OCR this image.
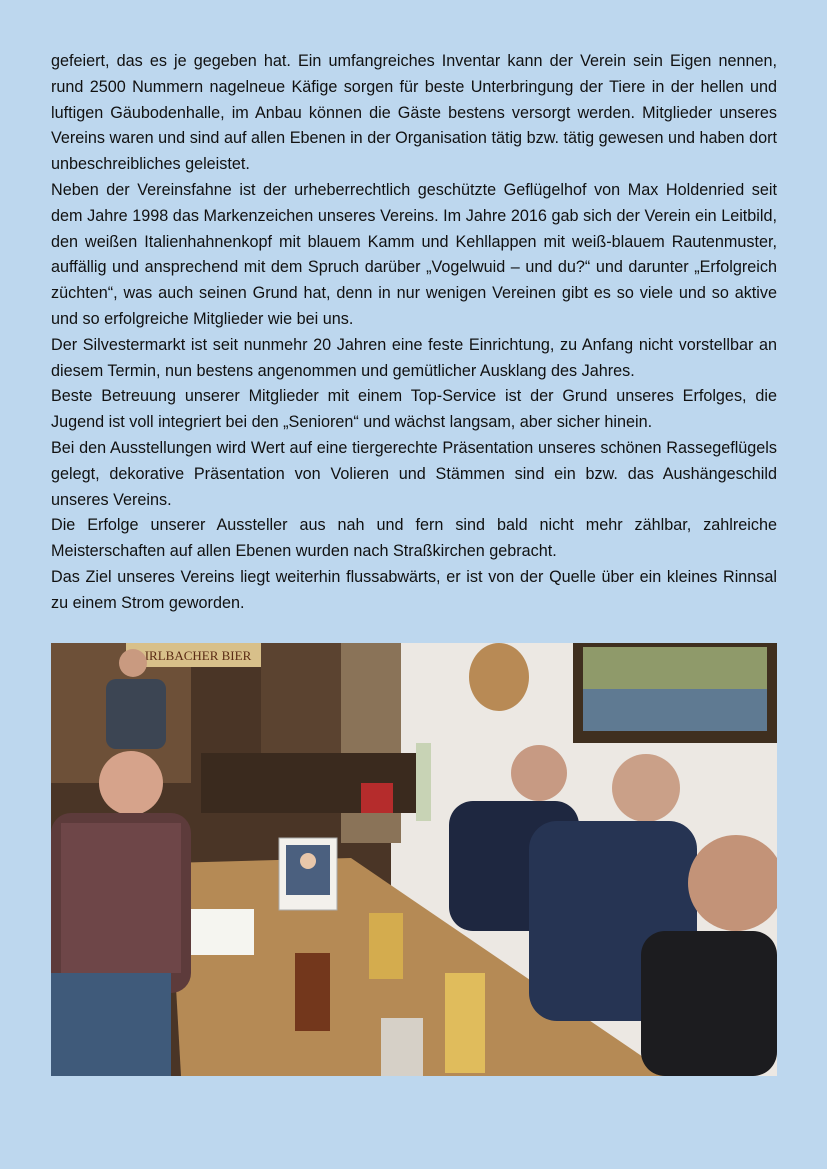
gefeiert, das es je gegeben hat. Ein umfangreiches Inventar kann der Verein sein Eigen nennen, rund 2500 Nummern nagelneue Käfige sorgen für beste Unterbringung der Tiere in der hellen und luftigen Gäubodenhalle, im Anbau können die Gäste bestens versorgt werden. Mitglieder unseres Vereins waren und sind auf allen Ebenen in der Organisation tätig bzw. tätig gewesen und haben dort unbeschreibliches geleistet.

Neben der Vereinsfahne ist der urheberrechtlich geschützte Geflügelhof von Max Holdenried seit dem Jahre 1998 das Markenzeichen unseres Vereins. Im Jahre 2016 gab sich der Verein ein Leitbild, den weißen Italienhahnenkopf mit blauem Kamm und Kehllappen mit weiß-blauem Rautenmuster, auffällig und ansprechend mit dem Spruch darüber „Vogelwuid – und du?“ und darunter „Erfolgreich züchten“, was auch seinen Grund hat, denn in nur wenigen Vereinen gibt es so viele und so aktive und so erfolgreiche Mitglieder wie bei uns.

Der Silvestermarkt ist seit nunmehr 20 Jahren eine feste Einrichtung, zu Anfang nicht vorstellbar an diesem Termin, nun bestens angenommen und gemütlicher Ausklang des Jahres.

Beste Betreuung unserer Mitglieder mit einem Top-Service ist der Grund unseres Erfolges, die Jugend ist voll integriert bei den „Senioren“ und wächst langsam, aber sicher hinein.

Bei den Ausstellungen wird Wert auf eine tiergerechte Präsentation unseres schönen Rassegeflügels gelegt, dekorative Präsentation von Volieren und Stämmen sind ein bzw. das Aushängeschild unseres Vereins.

Die Erfolge unserer Aussteller aus nah und fern sind bald nicht mehr zählbar, zahlreiche Meisterschaften auf allen Ebenen wurden nach Straßkirchen gebracht.

Das Ziel unseres Vereins liegt weiterhin flussabwärts, er ist von der Quelle über ein kleines Rinnsal zu einem Strom geworden.

IRLBACHER BIER
